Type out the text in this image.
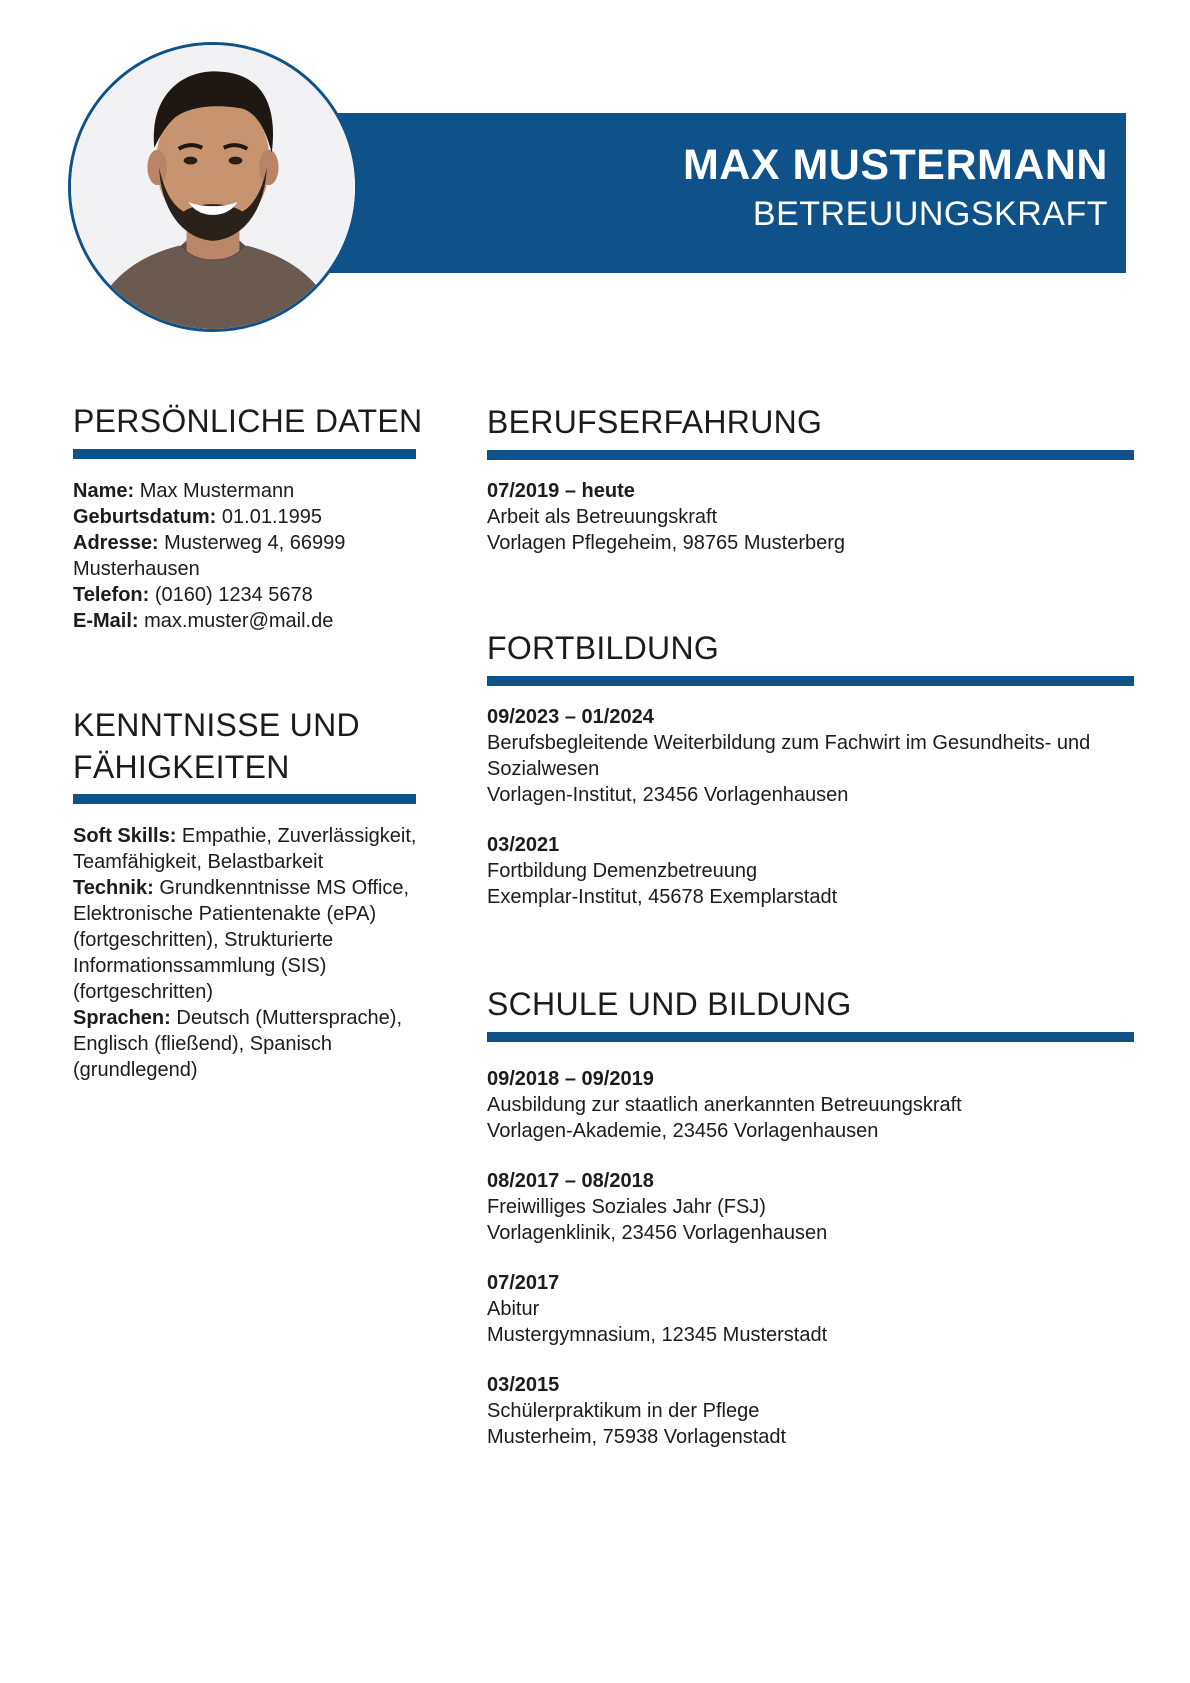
MAX MUSTERMANN
BETREUUNGSKRAFT
PERSÖNLICHE DATEN
Name: Max Mustermann
Geburtsdatum: 01.01.1995
Adresse: Musterweg 4, 66999 Musterhausen
Telefon: (0160) 1234 5678
E-Mail: max.muster@mail.de
KENNTNISSE UND
FÄHIGKEITEN
Soft Skills: Empathie, Zuverlässigkeit, Teamfähigkeit, Belastbarkeit
Technik: Grundkenntnisse MS Office, Elektronische Patientenakte (ePA) (fortgeschritten), Strukturierte Informationssammlung (SIS) (fortgeschritten)
Sprachen: Deutsch (Muttersprache), Englisch (fließend), Spanisch (grundlegend)
BERUFSERFAHRUNG
07/2019 – heute
Arbeit als Betreuungskraft
Vorlagen Pflegeheim, 98765 Musterberg
FORTBILDUNG
09/2023 – 01/2024
Berufsbegleitende Weiterbildung zum Fachwirt im Gesundheits- und Sozialwesen
Vorlagen-Institut, 23456 Vorlagenhausen
03/2021
Fortbildung Demenzbetreuung
Exemplar-Institut, 45678 Exemplarstadt
SCHULE UND BILDUNG
09/2018 – 09/2019
Ausbildung zur staatlich anerkannten Betreuungskraft
Vorlagen-Akademie, 23456 Vorlagenhausen
08/2017 – 08/2018
Freiwilliges Soziales Jahr (FSJ)
Vorlagenklinik, 23456 Vorlagenhausen
07/2017
Abitur
Mustergymnasium, 12345 Musterstadt
03/2015
Schülerpraktikum in der Pflege
Musterheim, 75938 Vorlagenstadt
